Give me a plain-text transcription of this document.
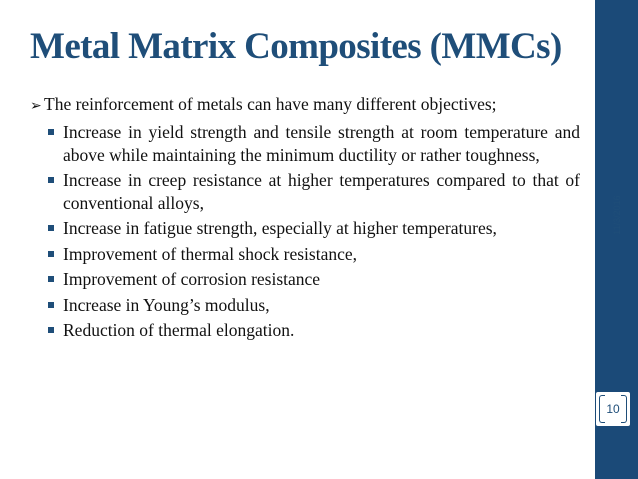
Metal Matrix Composites (MMCs)
➢ The reinforcement of metals can have many different objectives;
Increase in yield strength and tensile strength at room temperature and above while maintaining the minimum ductility or rather toughness,
Increase in creep resistance at higher temperatures compared to that of conventional alloys,
Increase in fatigue strength, especially at higher temperatures,
Improvement of thermal shock resistance,
Improvement of corrosion resistance
Increase in Young’s modulus,
Reduction of thermal elongation.
11/3/2016
10
